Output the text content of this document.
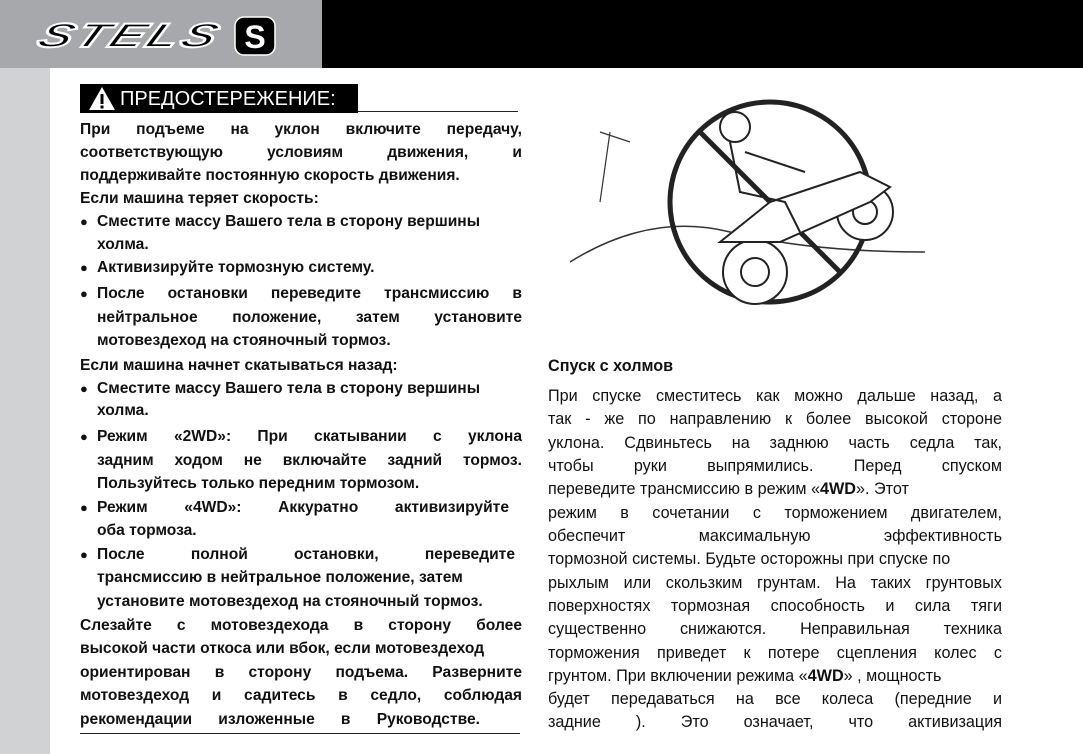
STELS	S
ПРЕДОСТЕРЕЖЕНИЕ:
При подъеме на уклон включите передачу,
соответствующую условиям движения, и
поддерживайте постоянную скорость движения.
Если машина теряет скорость:
● Сместите массу Вашего тела в сторону вершины
холма.
● Активизируйте тормозную систему.
● После остановки переведите трансмиссию в
нейтральное положение, затем установите
мотовездеход на стояночный тормоз.
Если машина начнет скатываться назад:
● Сместите массу Вашего тела в сторону вершины
холма.
● Режим «2WD»: При скатывании с уклона
задним ходом не включайте задний тормоз.
Пользуйтесь только передним тормозом.
● Режим «4WD»: Аккуратно активизируйте
оба тормоза.
● После полной остановки, переведите
трансмиссию в нейтральное положение, затем
установите мотовездеход на стояночный тормоз.
Слезайте с мотовездехода в сторону более
высокой части откоса или вбок, если мотовездеход
ориентирован в сторону подъема. Разверните
мотовездеход и садитесь в седло, соблюдая
рекомендации изложенные в Руководстве.
Спуск с холмов
При спуске сместитесь как можно дальше назад, а
так - же по направлению к более высокой стороне
уклона. Сдвиньтесь на заднюю часть седла так,
чтобы руки выпрямились. Перед спуском
переведите трансмиссию в режим «4WD». Этот
режим в сочетании с торможением двигателем,
обеспечит максимальную эффективность
тормозной системы. Будьте осторожны при спуске по
рыхлым или скользким грунтам. На таких грунтовых
поверхностях тормозная способность и сила тяги
существенно снижаются. Неправильная техника
торможения приведет к потере сцепления колес с
грунтом. При включении режима «4WD» , мощность
будет передаваться на все колеса (передние и
задние ). Это означает, что активизация
